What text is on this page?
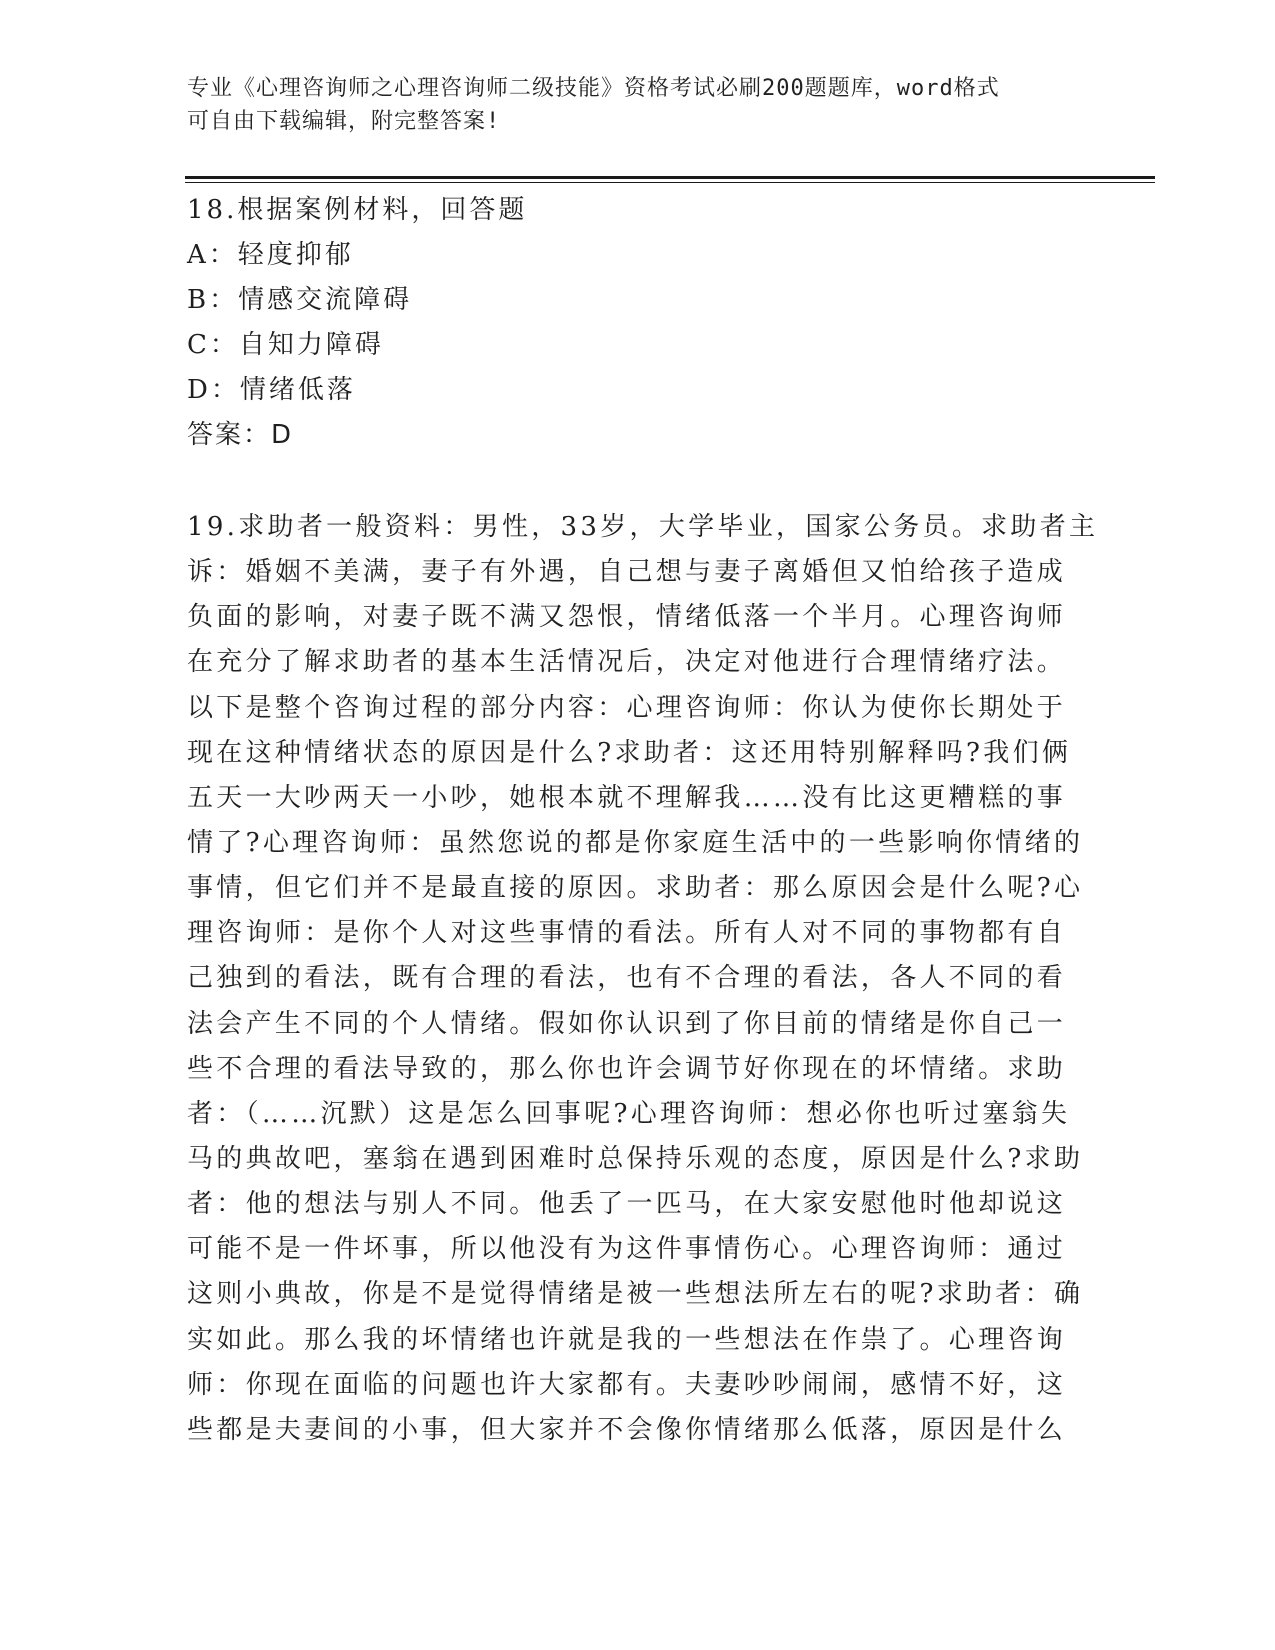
专业《心理咨询师之心理咨询师二级技能》资格考试必刷200题题库，word格式
可自由下载编辑，附完整答案!
18.根据案例材料，回答题
A：轻度抑郁
B：情感交流障碍
C：自知力障碍
D：情绪低落
答案：D
19.求助者一般资料：男性，33岁，大学毕业，国家公务员。求助者主
诉：婚姻不美满，妻子有外遇，自己想与妻子离婚但又怕给孩子造成
负面的影响，对妻子既不满又怨恨，情绪低落一个半月。心理咨询师
在充分了解求助者的基本生活情况后，决定对他进行合理情绪疗法。
以下是整个咨询过程的部分内容：心理咨询师：你认为使你长期处于
现在这种情绪状态的原因是什么?求助者：这还用特别解释吗?我们俩
五天一大吵两天一小吵，她根本就不理解我……没有比这更糟糕的事
情了?心理咨询师：虽然您说的都是你家庭生活中的一些影响你情绪的
事情，但它们并不是最直接的原因。求助者：那么原因会是什么呢?心
理咨询师：是你个人对这些事情的看法。所有人对不同的事物都有自
己独到的看法，既有合理的看法，也有不合理的看法，各人不同的看
法会产生不同的个人情绪。假如你认识到了你目前的情绪是你自己一
些不合理的看法导致的，那么你也许会调节好你现在的坏情绪。求助
者：（……沉默）这是怎么回事呢?心理咨询师：想必你也听过塞翁失
马的典故吧，塞翁在遇到困难时总保持乐观的态度，原因是什么?求助
者：他的想法与别人不同。他丢了一匹马，在大家安慰他时他却说这
可能不是一件坏事，所以他没有为这件事情伤心。心理咨询师：通过
这则小典故，你是不是觉得情绪是被一些想法所左右的呢?求助者：确
实如此。那么我的坏情绪也许就是我的一些想法在作祟了。心理咨询
师：你现在面临的问题也许大家都有。夫妻吵吵闹闹，感情不好，这
些都是夫妻间的小事，但大家并不会像你情绪那么低落，原因是什么
